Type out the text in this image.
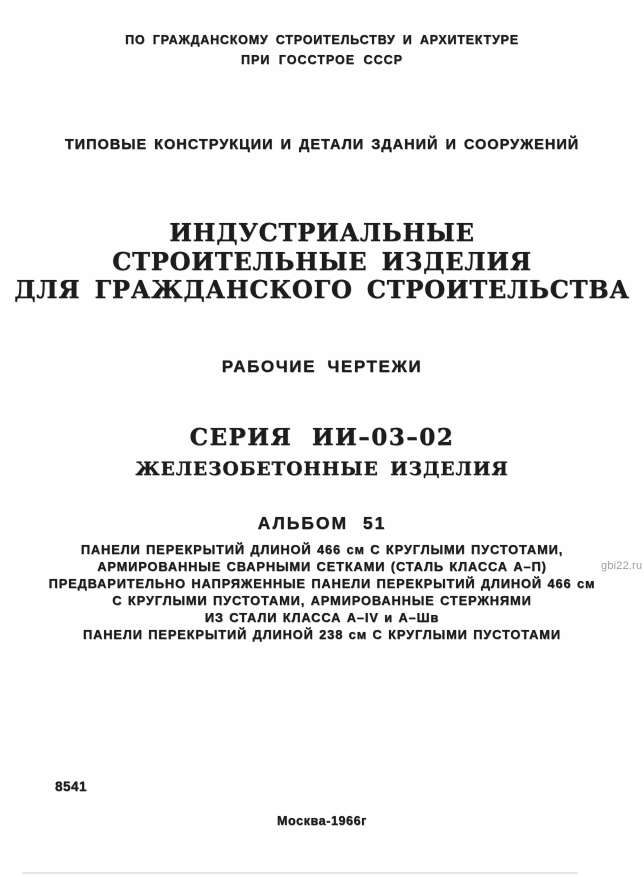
ПО ГРАЖДАНСКОМУ СТРОИТЕЛЬСТВУ И АРХИТЕКТУРЕ
ПРИ ГОССТРОЕ СССР
ТИПОВЫЕ КОНСТРУКЦИИ И ДЕТАЛИ ЗДАНИЙ И СООРУЖЕНИЙ
ИНДУСТРИАЛЬНЫЕ
СТРОИТЕЛЬНЫЕ ИЗДЕЛИЯ
ДЛЯ ГРАЖДАНСКОГО СТРОИТЕЛЬСТВА
РАБОЧИЕ ЧЕРТЕЖИ
СЕРИЯ ИИ–03–02
ЖЕЛЕЗОБЕТОННЫЕ ИЗДЕЛИЯ
АЛЬБОМ 51
ПАНЕЛИ ПЕРЕКРЫТИЙ ДЛИНОЙ 466 см С КРУГЛЫМИ ПУСТОТАМИ,
АРМИРОВАННЫЕ СВАРНЫМИ СЕТКАМИ (СТАЛЬ КЛАССА А–П)
ПРЕДВАРИТЕЛЬНО НАПРЯЖЕННЫЕ ПАНЕЛИ ПЕРЕКРЫТИЙ ДЛИНОЙ 466 см
С КРУГЛЫМИ ПУСТОТАМИ, АРМИРОВАННЫЕ СТЕРЖНЯМИ
ИЗ СТАЛИ КЛАССА А–IV и А–Шв
ПАНЕЛИ ПЕРЕКРЫТИЙ ДЛИНОЙ 238 см С КРУГЛЫМИ ПУСТОТАМИ
gbi22.ru
8541
Москва-1966г
